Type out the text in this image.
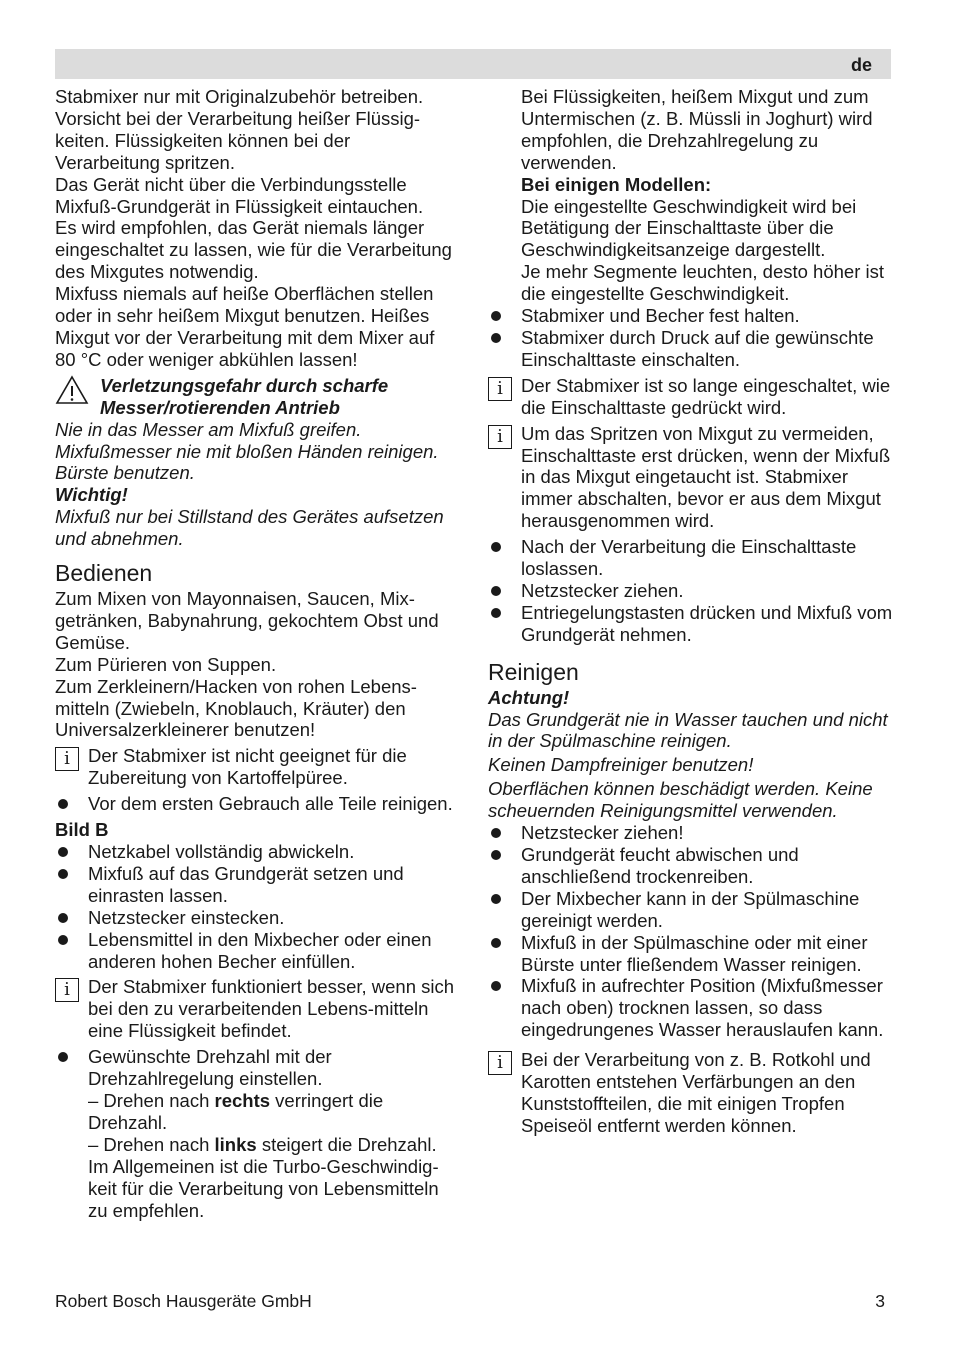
de

Stabmixer nur mit Originalzubehör betreiben.

Vorsicht bei der Verarbeitung heißer Flüssig-keiten. Flüssigkeiten können bei der Verarbeitung spritzen.

Das Gerät nicht über die Verbindungsstelle Mixfuß-Grundgerät in Flüssigkeit eintauchen.

Es wird empfohlen, das Gerät niemals länger eingeschaltet zu lassen, wie für die Verarbeitung des Mixgutes notwendig.

Mixfuss niemals auf heiße Oberflächen stellen oder in sehr heißem Mixgut benutzen. Heißes Mixgut vor der Verarbeitung mit dem Mixer auf 80 °C oder weniger abkühlen lassen!

Verletzungsgefahr durch scharfe Messer/rotierenden Antrieb

Nie in das Messer am Mixfuß greifen. Mixfußmesser nie mit bloßen Händen reinigen. Bürste benutzen.

Wichtig!

Mixfuß nur bei Stillstand des Gerätes aufsetzen und abnehmen.

Bedienen

Zum Mixen von Mayonnaisen, Saucen, Mix-getränken, Babynahrung, gekochtem Obst und Gemüse.

Zum Pürieren von Suppen.

Zum Zerkleinern/Hacken von rohen Lebens-mitteln (Zwiebeln, Knoblauch, Kräuter) den Universalzerkleinerer benutzen!

i Der Stabmixer ist nicht geeignet für die Zubereitung von Kartoffelpüree.

Vor dem ersten Gebrauch alle Teile reinigen.

Bild B

Netzkabel vollständig abwickeln.

Mixfuß auf das Grundgerät setzen und einrasten lassen.

Netzstecker einstecken.

Lebensmittel in den Mixbecher oder einen anderen hohen Becher einfüllen.

i Der Stabmixer funktioniert besser, wenn sich bei den zu verarbeitenden Lebens-mitteln eine Flüssigkeit befindet.

Gewünschte Drehzahl mit der Drehzahlregelung einstellen.

– Drehen nach rechts verringert die Drehzahl.

– Drehen nach links steigert die Drehzahl.

Im Allgemeinen ist die Turbo-Geschwindig-keit für die Verarbeitung von Lebensmitteln zu empfehlen.

Bei Flüssigkeiten, heißem Mixgut und zum Untermischen (z. B. Müssli in Joghurt) wird empfohlen, die Drehzahlregelung zu verwenden.

Bei einigen Modellen:

Die eingestellte Geschwindigkeit wird bei Betätigung der Einschalttaste über die Geschwindigkeitsanzeige dargestellt.

Je mehr Segmente leuchten, desto höher ist die eingestellte Geschwindigkeit.

Stabmixer und Becher fest halten.

Stabmixer durch Druck auf die gewünschte Einschalttaste einschalten.

i Der Stabmixer ist so lange eingeschaltet, wie die Einschalttaste gedrückt wird.

i Um das Spritzen von Mixgut zu vermeiden, Einschalttaste erst drücken, wenn der Mixfuß in das Mixgut eingetaucht ist. Stabmixer immer abschalten, bevor er aus dem Mixgut herausgenommen wird.

Nach der Verarbeitung die Einschalttaste loslassen.

Netzstecker ziehen.

Entriegelungstasten drücken und Mixfuß vom Grundgerät nehmen.

Reinigen

Achtung!

Das Grundgerät nie in Wasser tauchen und nicht in der Spülmaschine reinigen.

Keinen Dampfreiniger benutzen!

Oberflächen können beschädigt werden. Keine scheuernden Reinigungsmittel verwenden.

Netzstecker ziehen!

Grundgerät feucht abwischen und anschließend trockenreiben.

Der Mixbecher kann in der Spülmaschine gereinigt werden.

Mixfuß in der Spülmaschine oder mit einer Bürste unter fließendem Wasser reinigen.

Mixfuß in aufrechter Position (Mixfußmesser nach oben) trocknen lassen, so dass eingedrungenes Wasser herauslaufen kann.

i Bei der Verarbeitung von z. B. Rotkohl und Karotten entstehen Verfärbungen an den Kunststoffteilen, die mit einigen Tropfen Speiseöl entfernt werden können.

Robert Bosch Hausgeräte GmbH	3
